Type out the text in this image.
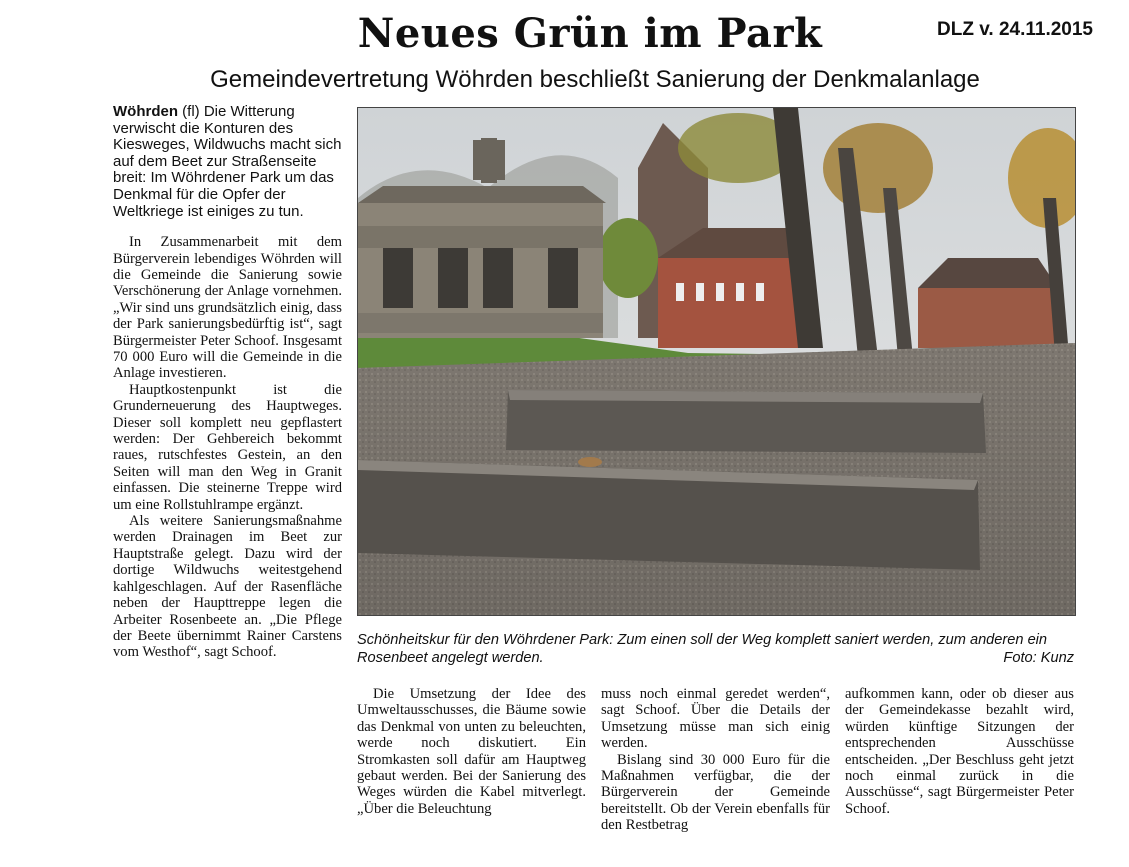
Neues Grün im Park	DLZ v. 24.11.2015
Gemeindevertretung Wöhrden beschließt Sanierung der Denkmalanlage

Wöhrden (fl) Die Witterung verwischt die Konturen des Kiesweges, Wildwuchs macht sich auf dem Beet zur Straßenseite breit: Im Wöhrdener Park um das Denkmal für die Opfer der Weltkriege ist einiges zu tun.

In Zusammenarbeit mit dem Bürgerverein lebendiges Wöhrden will die Gemeinde die Sanierung sowie Verschönerung der Anlage vornehmen. „Wir sind uns grundsätzlich einig, dass der Park sanierungsbedürftig ist“, sagt Bürgermeister Peter Schoof. Insgesamt 70 000 Euro will die Gemeinde in die Anlage investieren.

Hauptkostenpunkt ist die Grunderneuerung des Hauptweges. Dieser soll komplett neu gepflastert werden: Der Gehbereich bekommt raues, rutschfestes Gestein, an den Seiten will man den Weg in Granit einfassen. Die steinerne Treppe wird um eine Rollstuhlrampe ergänzt.

Als weitere Sanierungsmaßnahme werden Drainagen im Beet zur Hauptstraße gelegt. Dazu wird der dortige Wildwuchs weitestgehend kahlgeschlagen. Auf der Rasenfläche neben der Haupttreppe legen die Arbeiter Rosenbeete an. „Die Pflege der Beete übernimmt Rainer Carstens vom Westhof“, sagt Schoof.

Schönheitskur für den Wöhrdener Park: Zum einen soll der Weg komplett saniert werden, zum anderen ein Rosenbeet angelegt werden.	Foto: Kunz

Die Umsetzung der Idee des Umweltausschusses, die Bäume sowie das Denkmal von unten zu beleuchten, werde noch diskutiert. Ein Stromkasten soll dafür am Hauptweg gebaut werden. Bei der Sanierung des Weges würden die Kabel mitverlegt. „Über die Beleuchtung

muss noch einmal geredet werden“, sagt Schoof. Über die Details der Umsetzung müsse man sich einig werden.

Bislang sind 30 000 Euro für die Maßnahmen verfügbar, die der Bürgerverein der Gemeinde bereitstellt. Ob der Verein ebenfalls für den Restbetrag

aufkommen kann, oder ob dieser aus der Gemeindekasse bezahlt wird, würden künftige Sitzungen der entsprechenden Ausschüsse entscheiden. „Der Beschluss geht jetzt noch einmal zurück in die Ausschüsse“, sagt Bürgermeister Peter Schoof.
